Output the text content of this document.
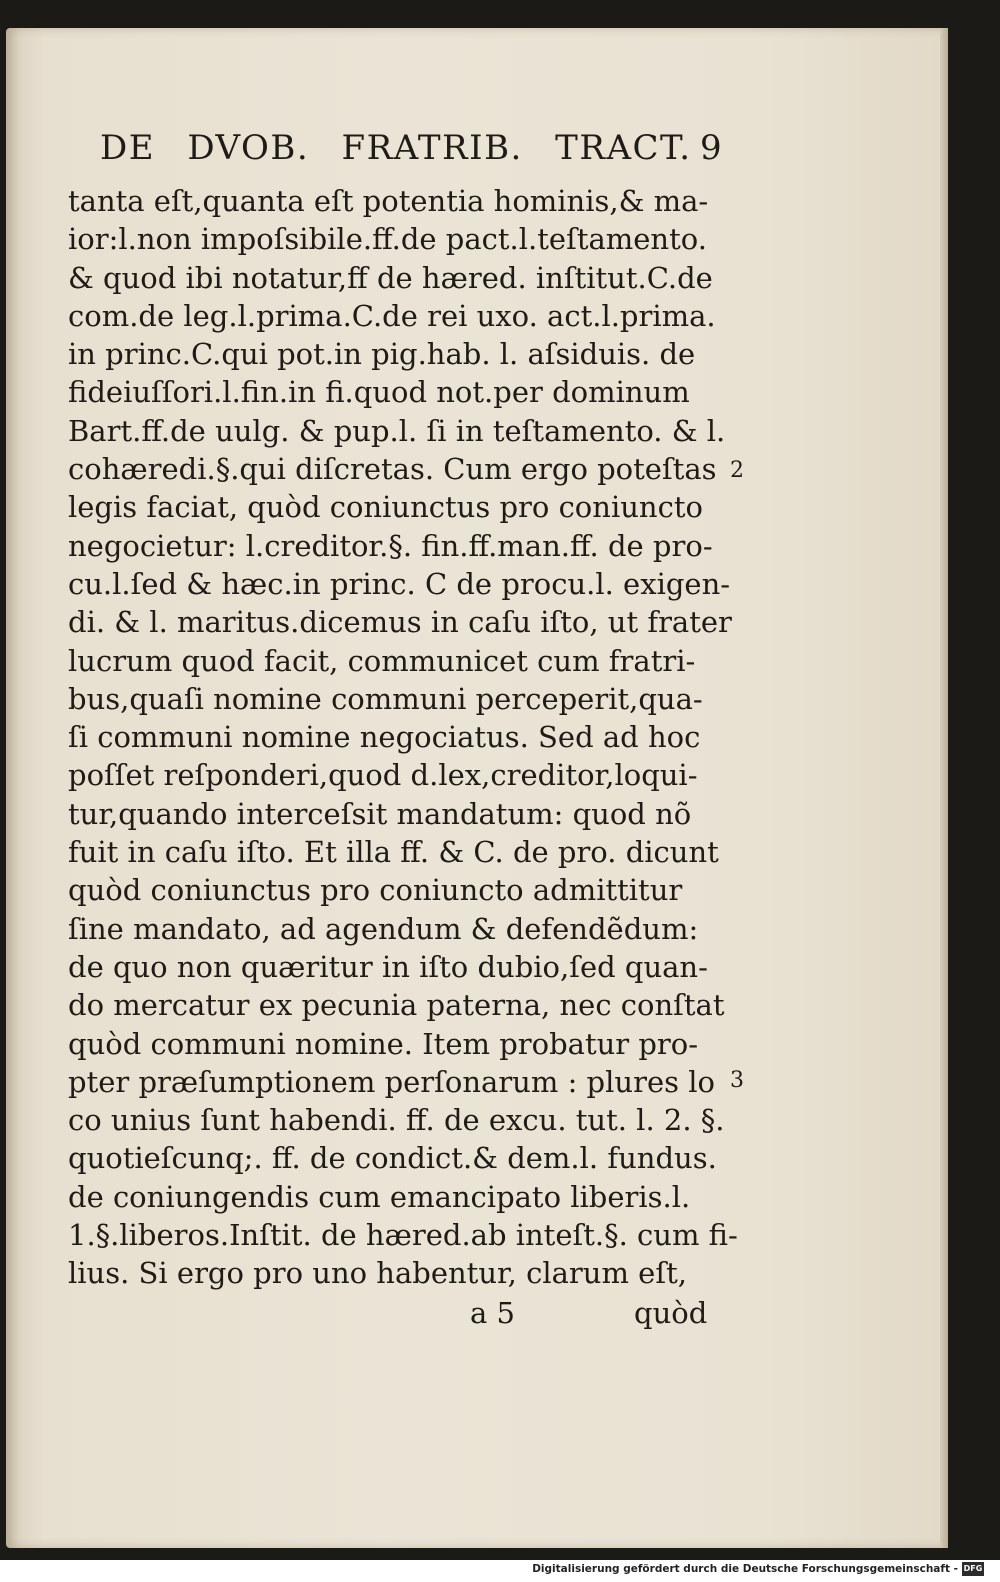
DE DVOB. FRATRIB. TRACT. 9
tanta eſt,quanta eſt potentia hominis,& ma-
ior:l.non impoſsibile.ff.de pact.l.teſtamento.
& quod ibi notatur,ff de hæred. inſtitut.C.de
com.de leg.l.prima.C.de rei uxo. act.l.prima.
in princ.C.qui pot.in pig.hab. l. aſsiduis. de
fideiuſſori.l.fin.in fi.quod not.per dominum
Bart.ff.de uulg. & pup.l. ſi in teſtamento. & l.
cohæredi.§.qui diſcretas. Cum ergo poteſtas
legis faciat, quòd coniunctus pro coniuncto
negocietur: l.creditor.§. fin.ff.man.ff. de pro-
cu.l.ſed & hæc.in princ. C de procu.l. exigen-
di. & l. maritus.dicemus in caſu iſto, ut frater
lucrum quod facit, communicet cum fratri-
bus,quaſi nomine communi perceperit,qua-
ſi communi nomine negociatus. Sed ad hoc
poſſet reſponderi,quod d.lex,creditor,loqui-
tur,quando interceſsit mandatum: quod nõ
fuit in caſu iſto. Et illa ff. & C. de pro. dicunt
quòd coniunctus pro coniuncto admittitur
ſine mandato, ad agendum & defendẽdum:
de quo non quæritur in iſto dubio,ſed quan-
do mercatur ex pecunia paterna, nec conſtat
quòd communi nomine. Item probatur pro-
pter præſumptionem perſonarum : plures lo
co unius ſunt habendi. ff. de excu. tut. l. 2. §.
quotieſcunq;. ff. de condict.& dem.l. fundus.
de coniungendis cum emancipato liberis.l.
1.§.liberos.Inſtit. de hæred.ab inteſt.§. cum fi-
lius. Si ergo pro uno habentur, clarum eſt,
2
3
a 5	quòd
Digitalisierung gefördert durch die Deutsche Forschungsgemeinschaft - DFG
